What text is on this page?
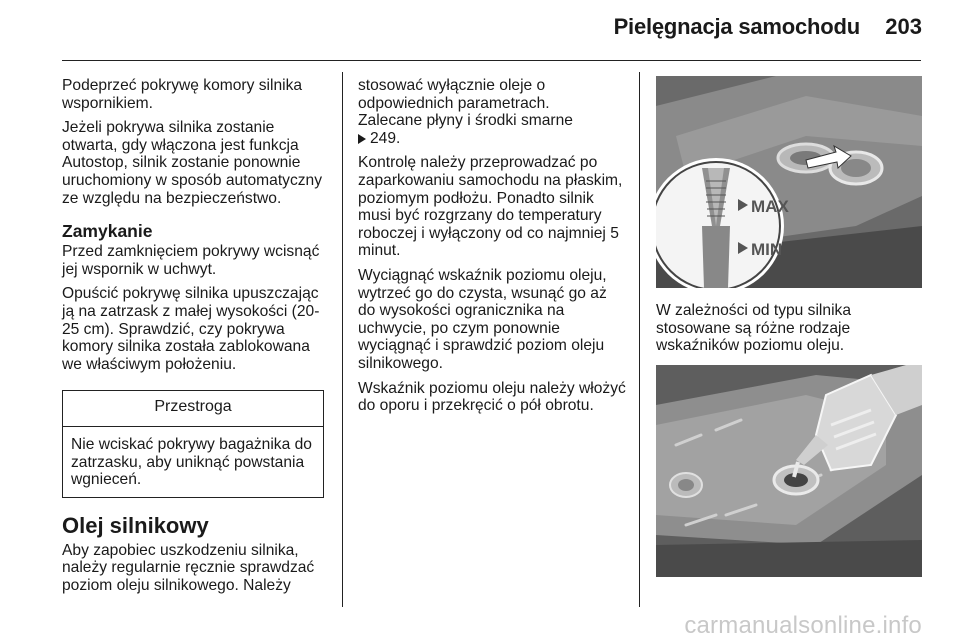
Pielęgnacja samochodu	203

Podeprzeć pokrywę komory silnika wspornikiem.

Jeżeli pokrywa silnika zostanie otwarta, gdy włączona jest funkcja Autostop, silnik zostanie ponownie uruchomiony w sposób automatyczny ze względu na bezpieczeństwo.

Zamykanie

Przed zamknięciem pokrywy wcisnąć jej wspornik w uchwyt.

Opuścić pokrywę silnika upuszczając ją na zatrzask z małej wysokości (20-25 cm). Sprawdzić, czy pokrywa komory silnika została zablokowana we właściwym położeniu.

Przestroga
Nie wciskać pokrywy bagażnika do zatrzasku, aby uniknąć powstania wgnieceń.
Olej silnikowy

Aby zapobiec uszkodzeniu silnika, należy regularnie ręcznie sprawdzać poziom oleju silnikowego. Należy

stosować wyłącznie oleje o odpowiednich parametrach.
Zalecane płyny i środki smarne
249.

Kontrolę należy przeprowadzać po zaparkowaniu samochodu na płaskim, poziomym podłożu. Ponadto silnik musi być rozgrzany do temperatury roboczej i wyłączony od co najmniej 5 minut.

Wyciągnąć wskaźnik poziomu oleju, wytrzeć go do czysta, wsunąć go aż do wysokości ogranicznika na uchwycie, po czym ponownie wyciągnąć i sprawdzić poziom oleju silnikowego.

Wskaźnik poziomu oleju należy włożyć do oporu i przekręcić o pół obrotu.

MAX
MIN
W zależności od typu silnika stosowane są różne rodzaje wskaźników poziomu oleju.
carmanualsonline.info
